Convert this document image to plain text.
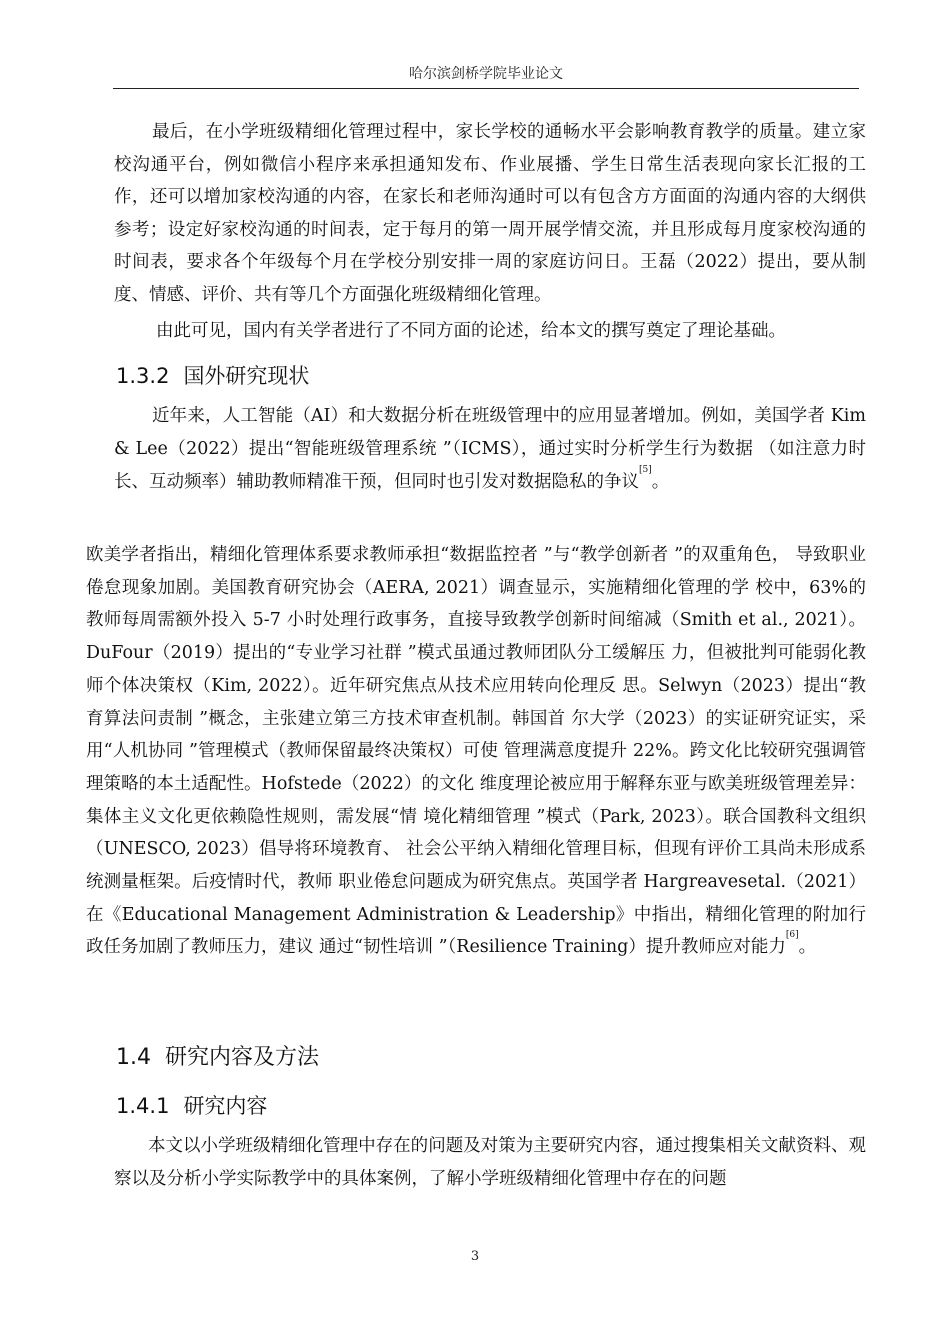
哈尔滨剑桥学院毕业论文

最后，在小学班级精细化管理过程中，家长学校的通畅水平会影响教育教学的质量。建立家校沟通平台，例如微信小程序来承担通知发布、作业展播、学生日常生活表现向家长汇报的工作，还可以增加家校沟通的内容，在家长和老师沟通时可以有包含方方面面的沟通内容的大纲供参考；设定好家校沟通的时间表，定于每月的第一周开展学情交流，并且形成每月度家校沟通的时间表，要求各个年级每个月在学校分别安排一周的家庭访问日。王磊（2022）提出，要从制度、情感、评价、共有等几个方面强化班级精细化管理。

由此可见，国内有关学者进行了不同方面的论述，给本文的撰写奠定了理论基础。

1.3.2 国外研究现状

近年来，人工智能（AI）和大数据分析在班级管理中的应用显著增加。例如，美国学者 Kim & Lee（2022）提出“智能班级管理系统 ”（ICMS），通过实时分析学生行为数据 （如注意力时长、互动频率）辅助教师精准干预，但同时也引发对数据隐私的争议[5]。

欧美学者指出，精细化管理体系要求教师承担“数据监控者 ”与“教学创新者 ”的双重角色， 导致职业倦怠现象加剧。美国教育研究协会（AERA, 2021）调查显示，实施精细化管理的学 校中，63%的教师每周需额外投入 5-7 小时处理行政事务，直接导致教学创新时间缩减（Smith et al., 2021）。DuFour（2019）提出的“专业学习社群 ”模式虽通过教师团队分工缓解压 力，但被批判可能弱化教师个体决策权（Kim, 2022）。近年研究焦点从技术应用转向伦理反 思。Selwyn（2023）提出“教育算法问责制 ”概念，主张建立第三方技术审查机制。韩国首 尔大学（2023）的实证研究证实，采用“人机协同 ”管理模式（教师保留最终决策权）可使 管理满意度提升 22%。跨文化比较研究强调管理策略的本土适配性。Hofstede（2022）的文化 维度理论被应用于解释东亚与欧美班级管理差异：集体主义文化更依赖隐性规则，需发展“情 境化精细管理 ”模式（Park, 2023）。联合国教科文组织（UNESCO, 2023）倡导将环境教育、 社会公平纳入精细化管理目标，但现有评价工具尚未形成系统测量框架。后疫情时代，教师 职业倦怠问题成为研究焦点。英国学者 Hargreavesetal.（2021）在《Educational Management Administration & Leadership》中指出，精细化管理的附加行政任务加剧了教师压力，建议 通过“韧性培训 ”（Resilience Training）提升教师应对能力[6]。

1.4 研究内容及方法
1.4.1 研究内容

本文以小学班级精细化管理中存在的问题及对策为主要研究内容，通过搜集相关文献资料、观察以及分析小学实际教学中的具体案例，了解小学班级精细化管理中存在的问题

3
